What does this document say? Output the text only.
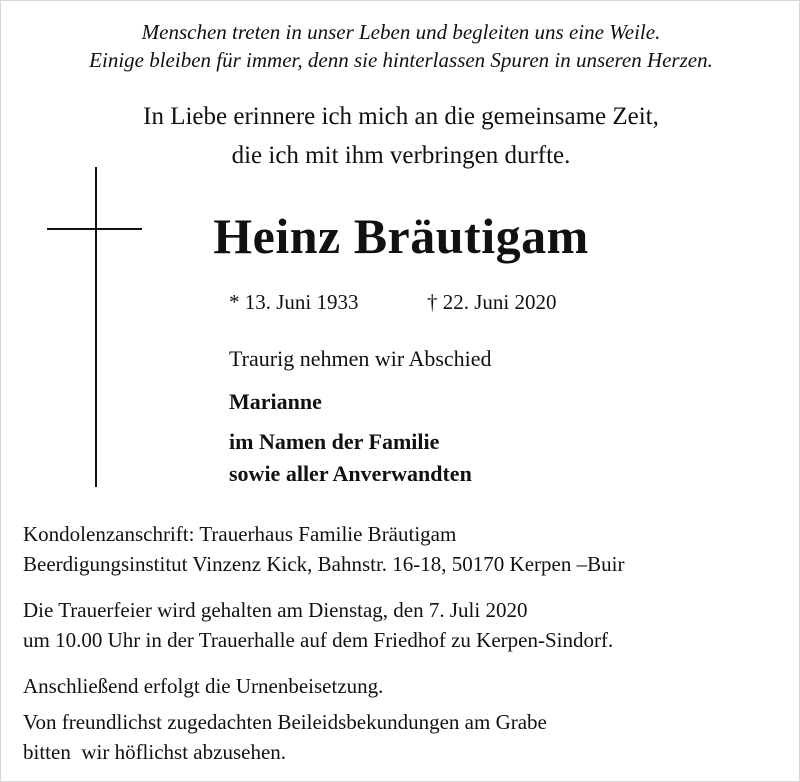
Menschen treten in unser Leben und begleiten uns eine Weile.
Einige bleiben für immer, denn sie hinterlassen Spuren in unseren Herzen.
In Liebe erinnere ich mich an die gemeinsame Zeit,
die ich mit ihm verbringen durfte.
Heinz Bräutigam
* 13. Juni 1933	† 22. Juni 2020
Traurig nehmen wir Abschied
Marianne
im Namen der Familie
sowie aller Anverwandten
Kondolenzanschrift: Trauerhaus Familie Bräutigam
Beerdigungsinstitut Vinzenz Kick, Bahnstr. 16-18, 50170 Kerpen –Buir
Die Trauerfeier wird gehalten am Dienstag, den 7. Juli 2020
um 10.00 Uhr in der Trauerhalle auf dem Friedhof zu Kerpen-Sindorf.
Anschließend erfolgt die Urnenbeisetzung.
Von freundlichst zugedachten Beileidsbekundungen am Grabe
bitten  wir höflichst abzusehen.
